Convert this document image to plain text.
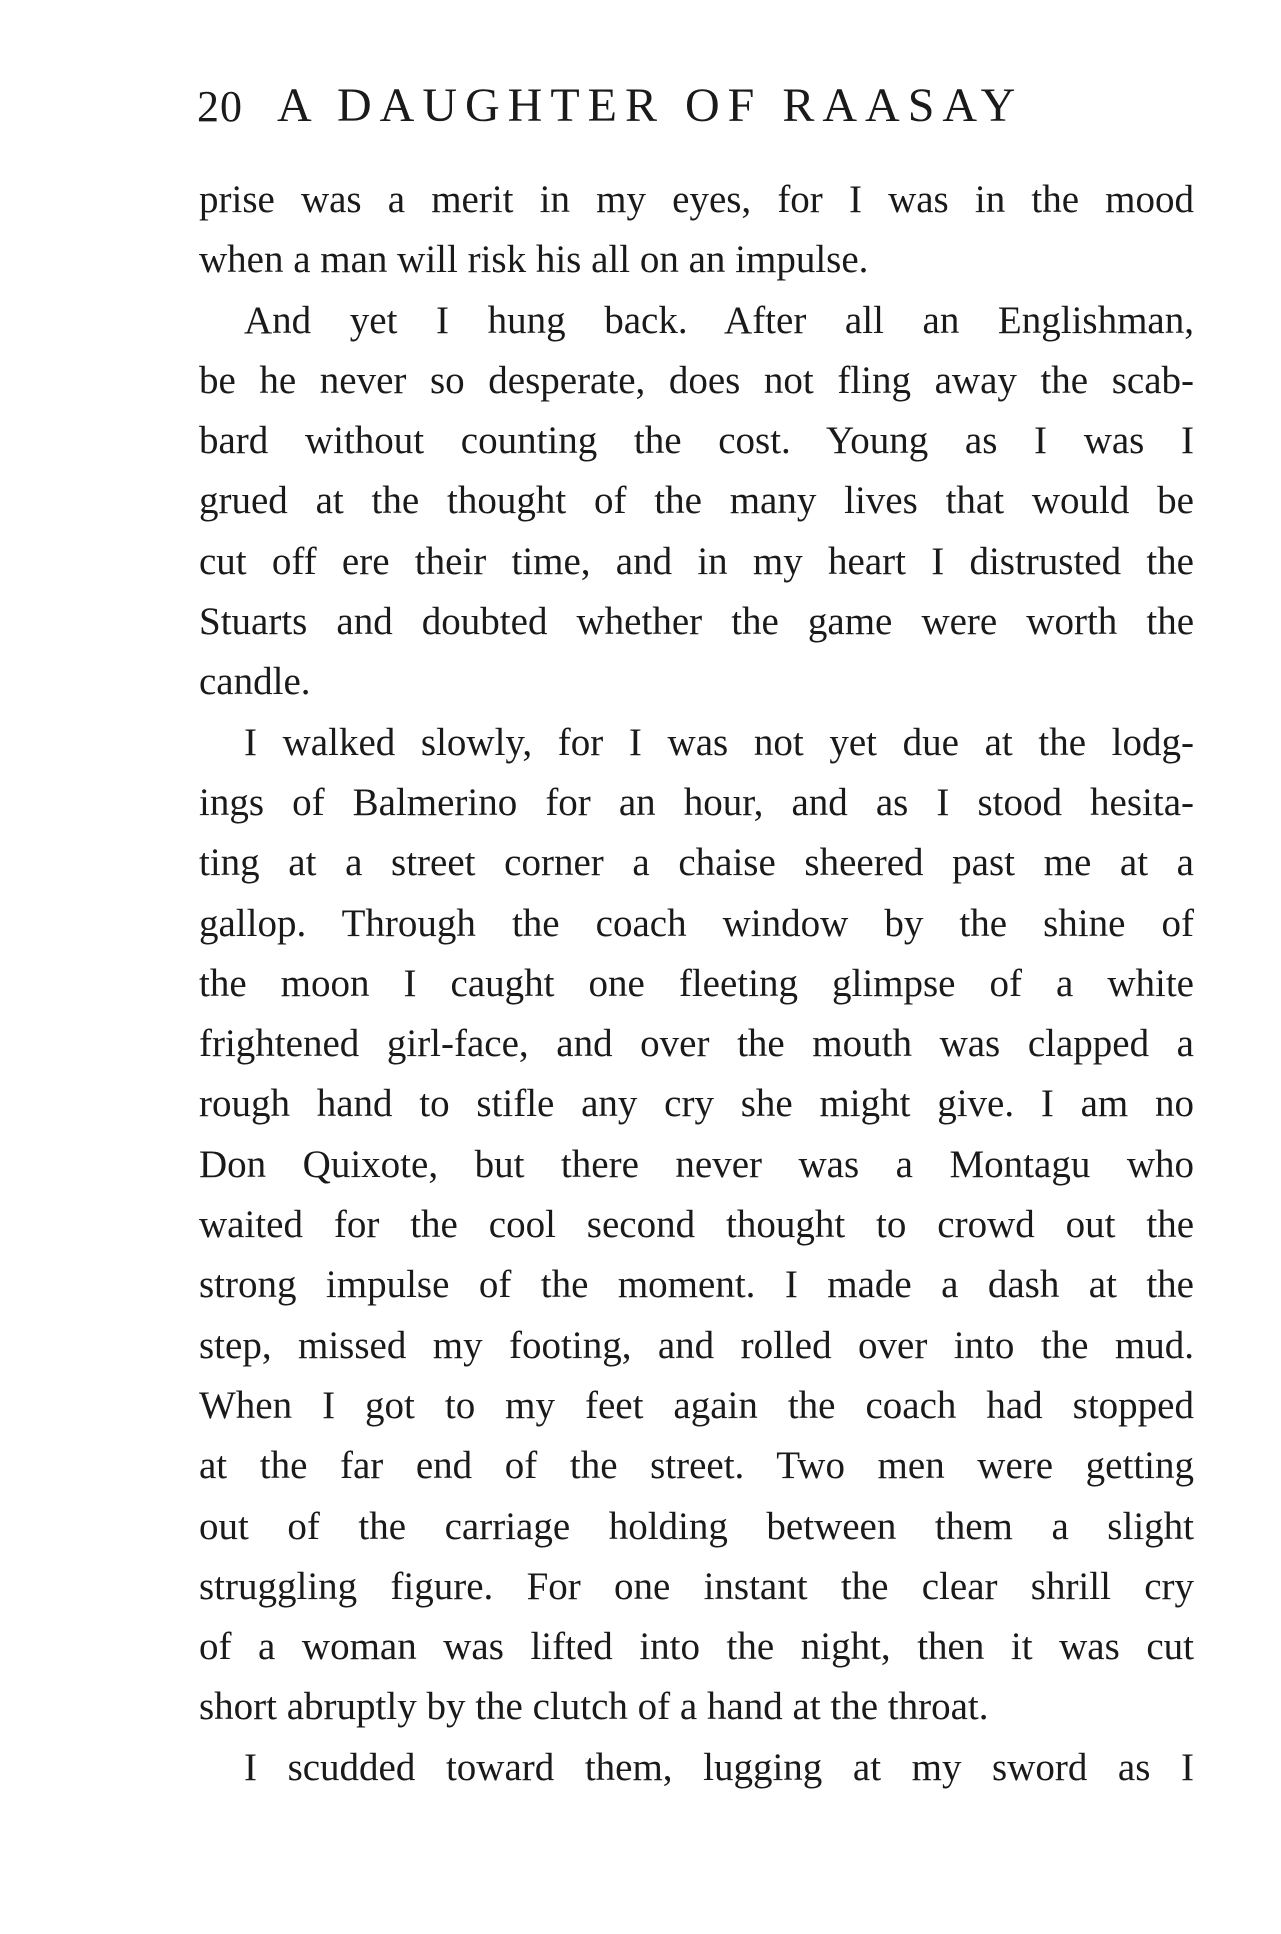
20 A DAUGHTER OF RAASAY
prise was a merit in my eyes, for I was in the mood
when a man will risk his all on an impulse.
And yet I hung back. After all an Englishman,
be he never so desperate, does not fling away the scab-
bard without counting the cost. Young as I was I
grued at the thought of the many lives that would be
cut off ere their time, and in my heart I distrusted the
Stuarts and doubted whether the game were worth the
candle.
I walked slowly, for I was not yet due at the lodg-
ings of Balmerino for an hour, and as I stood hesita-
ting at a street corner a chaise sheered past me at a
gallop. Through the coach window by the shine of
the moon I caught one fleeting glimpse of a white
frightened girl-face, and over the mouth was clapped a
rough hand to stifle any cry she might give. I am no
Don Quixote, but there never was a Montagu who
waited for the cool second thought to crowd out the
strong impulse of the moment. I made a dash at the
step, missed my footing, and rolled over into the mud.
When I got to my feet again the coach had stopped
at the far end of the street. Two men were getting
out of the carriage holding between them a slight
struggling figure. For one instant the clear shrill cry
of a woman was lifted into the night, then it was cut
short abruptly by the clutch of a hand at the throat.
I scudded toward them, lugging at my sword as I
